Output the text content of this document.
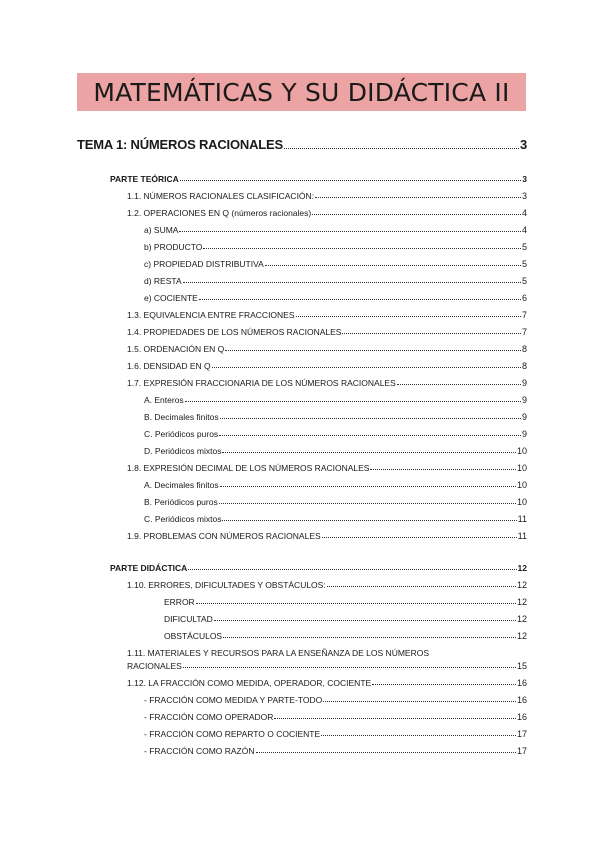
MATEMÁTICAS Y SU DIDÁCTICA II
TEMA 1: NÚMEROS RACIONALES	3
PARTE TEÓRICA	3
1.1. NÚMEROS RACIONALES CLASIFICACIÓN:	3
1.2. OPERACIONES EN Q (números racionales)	4
a) SUMA	4
b) PRODUCTO	5
c) PROPIEDAD DISTRIBUTIVA	5
d) RESTA	5
e) COCIENTE	6
1.3. EQUIVALENCIA ENTRE FRACCIONES	7
1.4. PROPIEDADES DE LOS NÚMEROS RACIONALES	7
1.5. ORDENACIÓN EN Q	8
1.6. DENSIDAD EN Q	8
1.7. EXPRESIÓN FRACCIONARIA DE LOS NÚMEROS RACIONALES	9
A. Enteros	9
B. Decimales finitos	9
C. Periódicos puros	9
D. Periódicos mixtos	10
1.8. EXPRESIÓN DECIMAL DE LOS NÚMEROS RACIONALES	10
A. Decimales finitos	10
B. Periódicos puros	10
C. Periódicos mixtos	11
1.9. PROBLEMAS CON NÚMEROS RACIONALES	11
PARTE DIDÁCTICA	12
1.10. ERRORES, DIFICULTADES Y OBSTÁCULOS:	12
ERROR	12
DIFICULTAD	12
OBSTÁCULOS	12
1.11. MATERIALES Y RECURSOS PARA LA ENSEÑANZA DE LOS NÚMEROS
RACIONALES	15
1.12. LA FRACCIÓN COMO MEDIDA, OPERADOR, COCIENTE	16
- FRACCIÓN COMO MEDIDA Y PARTE-TODO	16
- FRACCIÓN COMO OPERADOR	16
- FRACCIÓN COMO REPARTO O COCIENTE	17
- FRACCIÓN COMO RAZÓN	17
